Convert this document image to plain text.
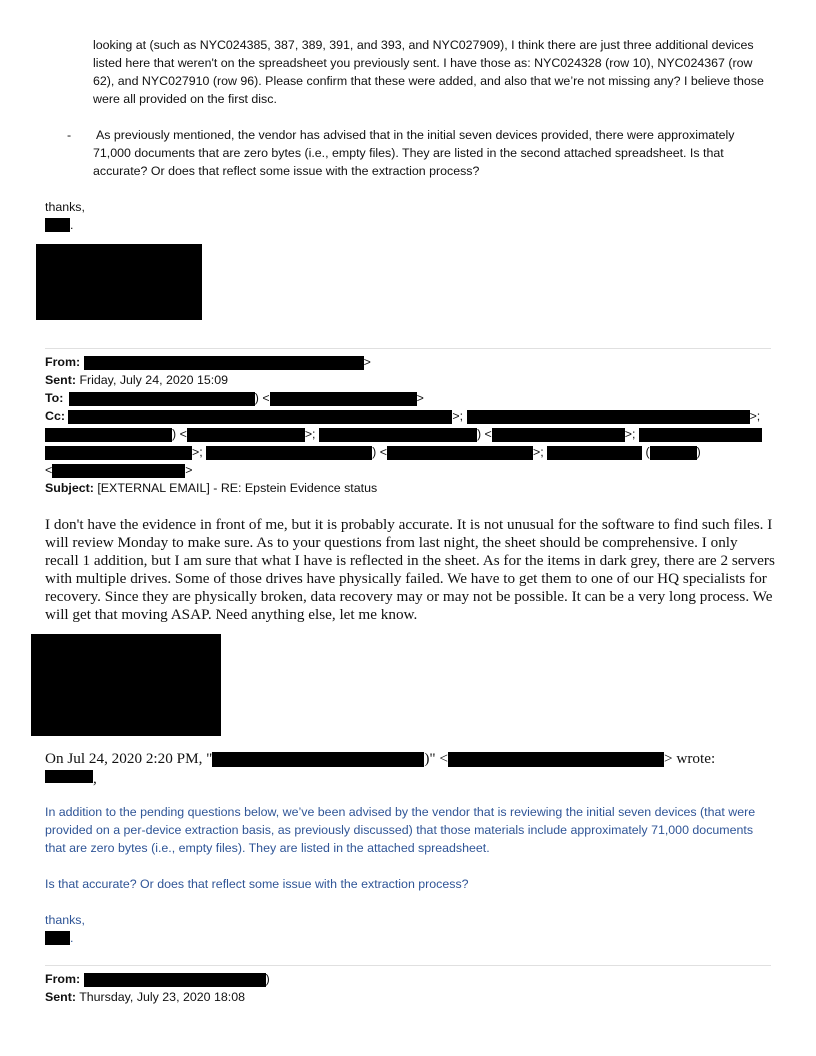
looking at (such as NYC024385, 387, 389, 391, and 393, and NYC027909), I think there are just three additional devices listed here that weren't on the spreadsheet you previously sent. I have those as: NYC024328 (row 10), NYC024367 (row 62), and NYC027910 (row 96). Please confirm that these were added, and also that we’re not missing any? I believe those were all provided on the first disc.

- As previously mentioned, the vendor has advised that in the initial seven devices provided, there were approximately 71,000 documents that are zero bytes (i.e., empty files). They are listed in the second attached spreadsheet. Is that accurate? Or does that reflect some issue with the extraction process?

thanks,

.
From:	>
Sent: Friday, July 24, 2020 15:09
To:	) <	>
Cc:	>;	>;
) <	>;	) <	>;
>;	) <	>;	(	)
<	>
Subject: [EXTERNAL EMAIL] - RE: Epstein Evidence status

I don't have the evidence in front of me, but it is probably accurate. It is not unusual for the software to find such files. I will review Monday to make sure. As to your questions from last night, the sheet should be comprehensive. I only recall 1 addition, but I am sure that what I have is reflected in the sheet. As for the items in dark grey, there are 2 servers with multiple drives. Some of those drives have physically failed. We have to get them to one of our HQ specialists for recovery. Since they are physically broken, data recovery may or may not be possible. It can be a very long process. We will get that moving ASAP. Need anything else, let me know.

On Jul 24, 2020 2:20 PM, "	)" <	> wrote:
,

In addition to the pending questions below, we’ve been advised by the vendor that is reviewing the initial seven devices (that were provided on a per-device extraction basis, as previously discussed) that those materials include approximately 71,000 documents that are zero bytes (i.e., empty files). They are listed in the attached spreadsheet.

Is that accurate? Or does that reflect some issue with the extraction process?

thanks,

.
From:	)
Sent: Thursday, July 23, 2020 18:08
